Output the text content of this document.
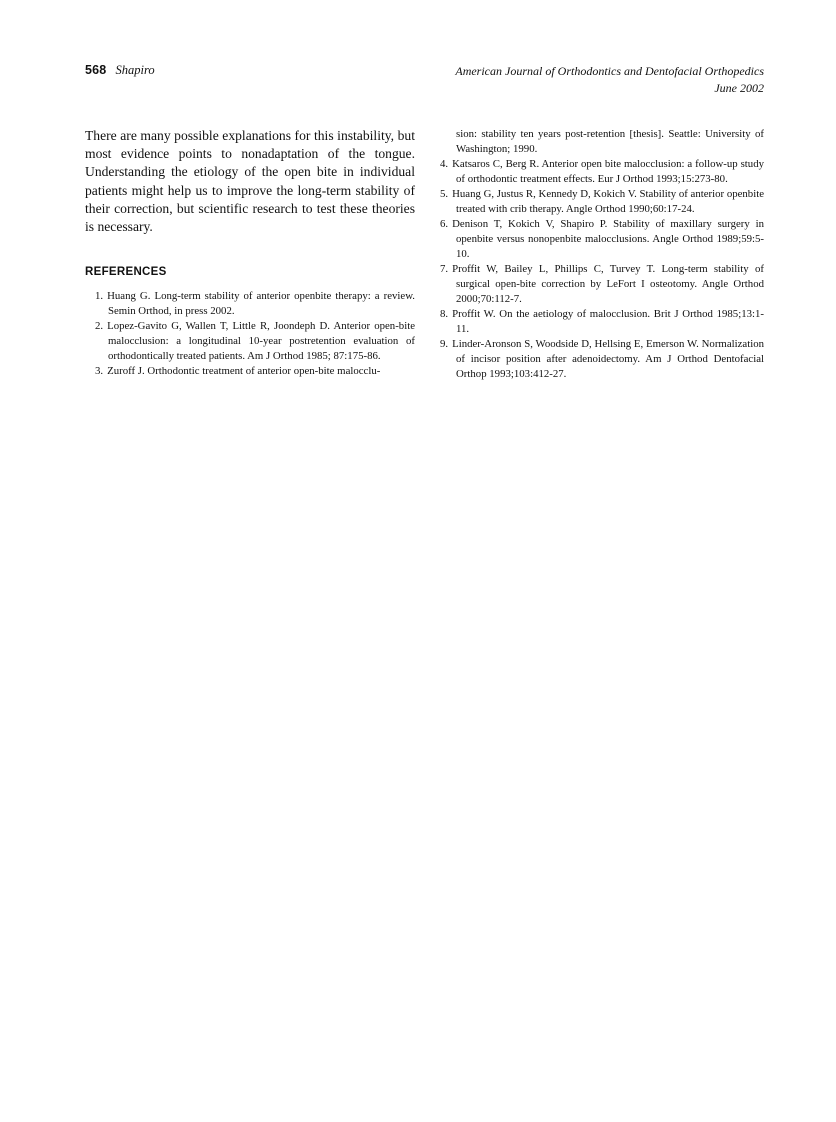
568 Shapiro	American Journal of Orthodontics and Dentofacial Orthopedics
June 2002

There are many possible explanations for this instability, but most evidence points to nonadaptation of the tongue. Understanding the etiology of the open bite in individual patients might help us to improve the long-term stability of their correction, but scientific research to test these theories is necessary.

REFERENCES
1. Huang G. Long-term stability of anterior openbite therapy: a review. Semin Orthod, in press 2002.
2. Lopez-Gavito G, Wallen T, Little R, Joondeph D. Anterior open-bite malocclusion: a longitudinal 10-year postretention evaluation of orthodontically treated patients. Am J Orthod 1985; 87:175-86.
3. Zuroff J. Orthodontic treatment of anterior open-bite malocclu-

sion: stability ten years post-retention [thesis]. Seattle: University of Washington; 1990.

4. Katsaros C, Berg R. Anterior open bite malocclusion: a follow-up study of orthodontic treatment effects. Eur J Orthod 1993;15:273-80.
5. Huang G, Justus R, Kennedy D, Kokich V. Stability of anterior openbite treated with crib therapy. Angle Orthod 1990;60:17-24.
6. Denison T, Kokich V, Shapiro P. Stability of maxillary surgery in openbite versus nonopenbite malocclusions. Angle Orthod 1989;59:5-10.
7. Proffit W, Bailey L, Phillips C, Turvey T. Long-term stability of surgical open-bite correction by LeFort I osteotomy. Angle Orthod 2000;70:112-7.
8. Proffit W. On the aetiology of malocclusion. Brit J Orthod 1985;13:1-11.
9. Linder-Aronson S, Woodside D, Hellsing E, Emerson W. Normalization of incisor position after adenoidectomy. Am J Orthod Dentofacial Orthop 1993;103:412-27.
